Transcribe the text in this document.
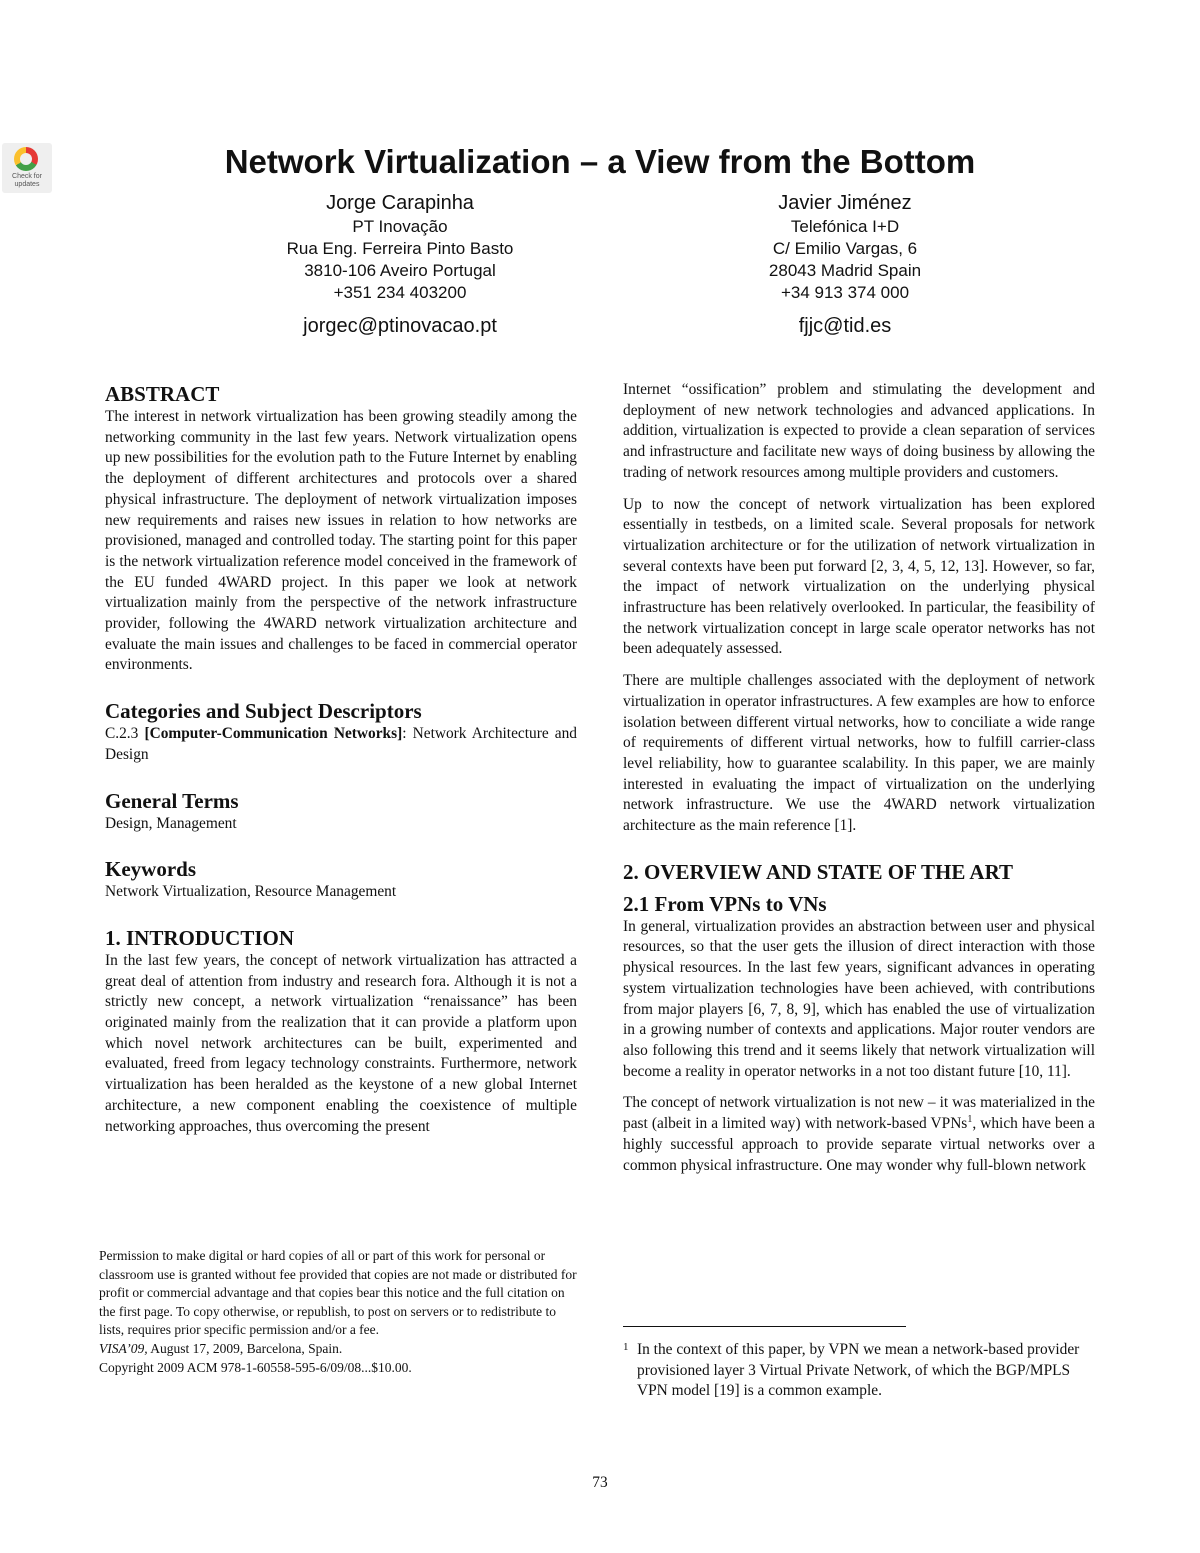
Check for updates
Network Virtualization – a View from the Bottom
Jorge Carapinha
PT Inovação
Rua Eng. Ferreira Pinto Basto
3810-106 Aveiro Portugal
+351 234 403200
jorgec@ptinovacao.pt
Javier Jiménez
Telefónica I+D
C/ Emilio Vargas, 6
28043 Madrid Spain
+34 913 374 000
fjjc@tid.es
ABSTRACT

The interest in network virtualization has been growing steadily among the networking community in the last few years. Network virtualization opens up new possibilities for the evolution path to the Future Internet by enabling the deployment of different architectures and protocols over a shared physical infrastructure. The deployment of network virtualization imposes new requirements and raises new issues in relation to how networks are provisioned, managed and controlled today. The starting point for this paper is the network virtualization reference model conceived in the framework of the EU funded 4WARD project. In this paper we look at network virtualization mainly from the perspective of the network infrastructure provider, following the 4WARD network virtualization architecture and evaluate the main issues and challenges to be faced in commercial operator environments.

Categories and Subject Descriptors

C.2.3 [Computer-Communication Networks]: Network Architecture and Design

General Terms

Design, Management

Keywords

Network Virtualization, Resource Management

1. INTRODUCTION

In the last few years, the concept of network virtualization has attracted a great deal of attention from industry and research fora. Although it is not a strictly new concept, a network virtualization “renaissance” has been originated mainly from the realization that it can provide a platform upon which novel network architectures can be built, experimented and evaluated, freed from legacy technology constraints. Furthermore, network virtualization has been heralded as the keystone of a new global Internet architecture, a new component enabling the coexistence of multiple networking approaches, thus overcoming the present

Internet “ossification” problem and stimulating the development and deployment of new network technologies and advanced applications. In addition, virtualization is expected to provide a clean separation of services and infrastructure and facilitate new ways of doing business by allowing the trading of network resources among multiple providers and customers.

Up to now the concept of network virtualization has been explored essentially in testbeds, on a limited scale. Several proposals for network virtualization architecture or for the utilization of network virtualization in several contexts have been put forward [2, 3, 4, 5, 12, 13]. However, so far, the impact of network virtualization on the underlying physical infrastructure has been relatively overlooked. In particular, the feasibility of the network virtualization concept in large scale operator networks has not been adequately assessed.

There are multiple challenges associated with the deployment of network virtualization in operator infrastructures. A few examples are how to enforce isolation between different virtual networks, how to conciliate a wide range of requirements of different virtual networks, how to fulfill carrier-class level reliability, how to guarantee scalability. In this paper, we are mainly interested in evaluating the impact of virtualization on the underlying network infrastructure. We use the 4WARD network virtualization architecture as the main reference [1].

2. OVERVIEW AND STATE OF THE ART
2.1 From VPNs to VNs

In general, virtualization provides an abstraction between user and physical resources, so that the user gets the illusion of direct interaction with those physical resources. In the last few years, significant advances in operating system virtualization technologies have been achieved, with contributions from major players [6, 7, 8, 9], which has enabled the use of virtualization in a growing number of contexts and applications. Major router vendors are also following this trend and it seems likely that network virtualization will become a reality in operator networks in a not too distant future [10, 11].

The concept of network virtualization is not new – it was materialized in the past (albeit in a limited way) with network-based VPNs$^1$, which have been a highly successful approach to provide separate virtual networks over a common physical infrastructure. One may wonder why full-blown network

Permission to make digital or hard copies of all or part of this work for personal or classroom use is granted without fee provided that copies are not made or distributed for profit or commercial advantage and that copies bear this notice and the full citation on the first page. To copy otherwise, or republish, to post on servers or to redistribute to lists, requires prior specific permission and/or a fee.

VISA’09, August 17, 2009, Barcelona, Spain.

Copyright 2009 ACM 978-1-60558-595-6/09/08...$10.00.

1 In the context of this paper, by VPN we mean a network-based provider provisioned layer 3 Virtual Private Network, of which the BGP/MPLS VPN model [19] is a common example.
73
